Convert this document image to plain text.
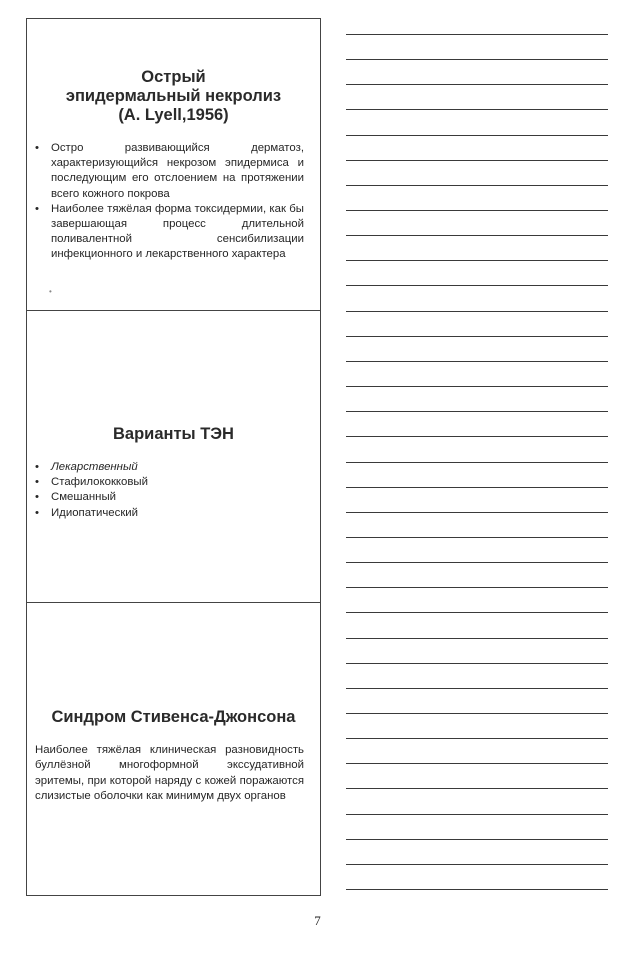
Острый
эпидермальный некролиз
(A. Lyell,1956)
• Остро развивающийся дерматоз, характеризующийся некрозом эпидермиса и последующим его отслоением на протяжении всего кожного покрова
• Наиболее тяжёлая форма токсидермии, как бы завершающая процесс длительной поливалентной сенсибилизации инфекционного и лекарственного характера
•
Варианты ТЭН
• Лекарственный
• Стафилококковый
• Смешанный
• Идиопатический
Синдром Стивенса-Джонсона
Наиболее тяжёлая клиническая разновидность буллёзной многоформной экссудативной эритемы, при которой наряду с кожей поражаются слизистые оболочки как минимум двух органов
7
